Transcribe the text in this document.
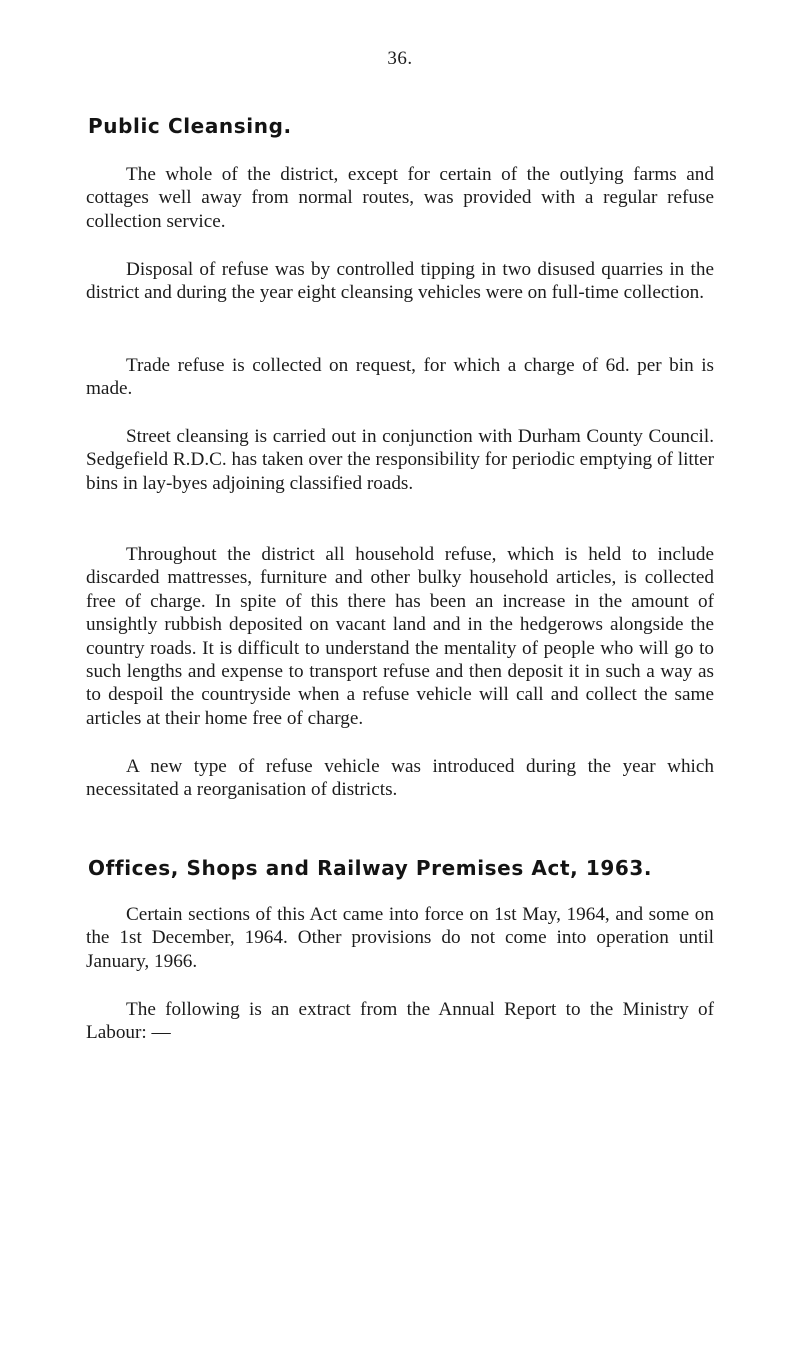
36.
Public Cleansing.

The whole of the district, except for certain of the outlying farms and cottages well away from normal routes, was provided with a regular refuse collection service.

Disposal of refuse was by controlled tipping in two disused quarries in the district and during the year eight cleansing vehicles were on full-time collection.

Trade refuse is collected on request, for which a charge of 6d. per bin is made.

Street cleansing is carried out in conjunction with Durham County Council. Sedgefield R.D.C. has taken over the responsibility for periodic emptying of litter bins in lay-byes adjoining classified roads.

Throughout the district all household refuse, which is held to include discarded mattresses, furniture and other bulky household articles, is collected free of charge. In spite of this there has been an increase in the amount of unsightly rubbish deposited on vacant land and in the hedgerows alongside the country roads. It is difficult to understand the mentality of people who will go to such lengths and expense to transport refuse and then deposit it in such a way as to despoil the countryside when a refuse vehicle will call and collect the same articles at their home free of charge.

A new type of refuse vehicle was introduced during the year which necessitated a reorganisation of districts.

Offices, Shops and Railway Premises Act, 1963.

Certain sections of this Act came into force on 1st May, 1964, and some on the 1st December, 1964. Other provisions do not come into operation until January, 1966.

The following is an extract from the Annual Report to the Ministry of Labour: —
